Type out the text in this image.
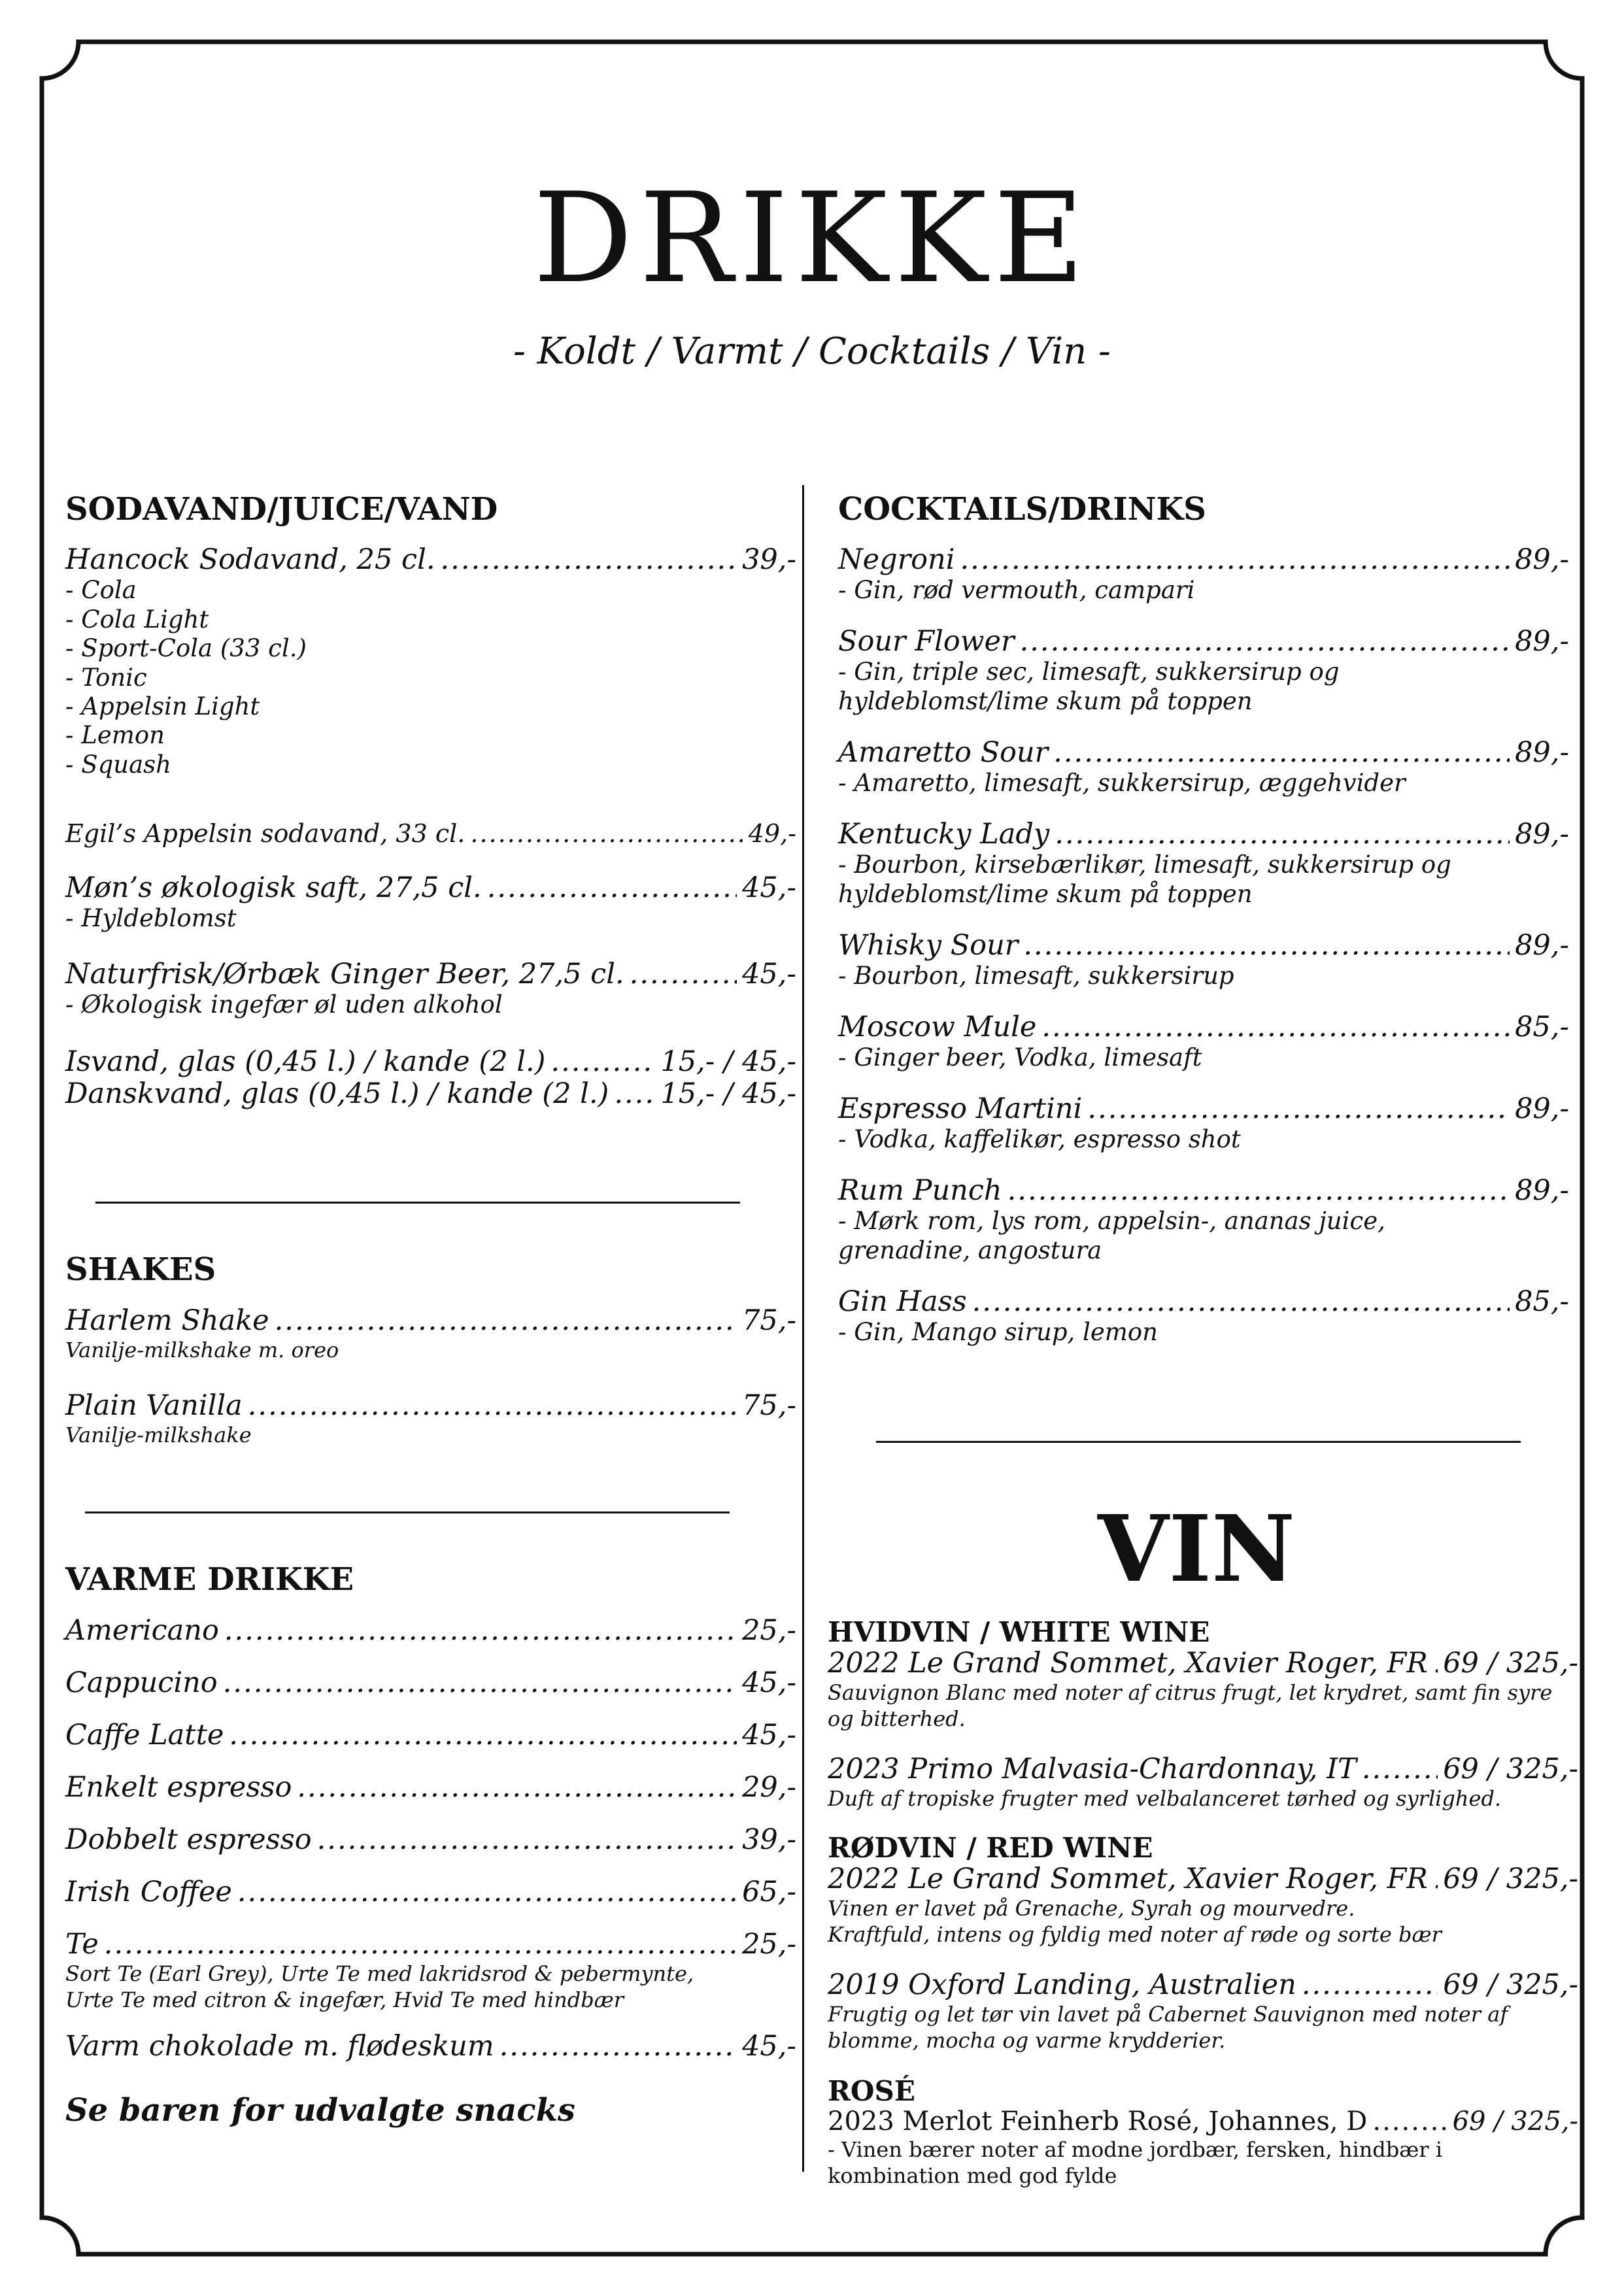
DRIKKE
- Koldt / Varmt / Cocktails / Vin -
SODAVAND/JUICE/VAND
Hancock Sodavand, 25 cl. .....	39,-
- Cola
- Cola Light
- Sport-Cola (33 cl.)
- Tonic
- Appelsin Light
- Lemon
- Squash
Egil’s Appelsin sodavand, 33 cl. .....	49,-
Møn’s økologisk saft, 27,5 cl. .....	45,-
- Hyldeblomst
Naturfrisk/Ørbæk Ginger Beer, 27,5 cl. .....	45,-
- Økologisk ingefær øl uden alkohol
Isvand, glas (0,45 l.) / kande (2 l.) .....	15,- / 45,-
Danskvand, glas (0,45 l.) / kande (2 l.) ..... 15,- / 45,-
SHAKES
Harlem Shake .....	75,-
Vanilje-milkshake m. oreo
Plain Vanilla .....	75,-
Vanilje-milkshake
VARME DRIKKE
Americano .....	25,-
Cappucino .....	45,-
Caffe Latte .....	45,-
Enkelt espresso .....	29,-
Dobbelt espresso .....	39,-
Irish Coffee .....	65,-
Te .....	25,-
Sort Te (Earl Grey), Urte Te med lakridsrod & pebermynte,
Urte Te med citron & ingefær, Hvid Te med hindbær
Varm chokolade m. flødeskum .....	45,-
Se baren for udvalgte snacks
COCKTAILS/DRINKS
Negroni .....	89,-
- Gin, rød vermouth, campari
Sour Flower .....	89,-
- Gin, triple sec, limesaft, sukkersirup og
hyldeblomst/lime skum på toppen
Amaretto Sour .....	89,-
- Amaretto, limesaft, sukkersirup, æggehvider
Kentucky Lady .....	89,-
- Bourbon, kirsebærlikør, limesaft, sukkersirup og
hyldeblomst/lime skum på toppen
Whisky Sour .....	89,-
- Bourbon, limesaft, sukkersirup
Moscow Mule .....	85,-
- Ginger beer, Vodka, limesaft
Espresso Martini .....	89,-
- Vodka, kaffelikør, espresso shot
Rum Punch .....	89,-
- Mørk rom, lys rom, appelsin-, ananas juice,
grenadine, angostura
Gin Hass .....	85,-
- Gin, Mango sirup, lemon
VIN
HVIDVIN / WHITE WINE
2022 Le Grand Sommet, Xavier Roger, FR ..... 69 / 325,-
Sauvignon Blanc med noter af citrus frugt, let krydret, samt fin syre
og bitterhed.
2023 Primo Malvasia-Chardonnay, IT .....	69 / 325,-
Duft af tropiske frugter med velbalanceret tørhed og syrlighed.
RØDVIN / RED WINE
2022 Le Grand Sommet, Xavier Roger, FR ..... 69 / 325,-
Vinen er lavet på Grenache, Syrah og mourvedre.
Kraftfuld, intens og fyldig med noter af røde og sorte bær
2019 Oxford Landing, Australien .....	69 / 325,-
Frugtig og let tør vin lavet på Cabernet Sauvignon med noter af
blomme, mocha og varme krydderier.
ROSÉ
2023 Merlot Feinherb Rosé, Johannes, D .....	69 / 325,-
- Vinen bærer noter af modne jordbær, fersken, hindbær i
kombination med god fylde
